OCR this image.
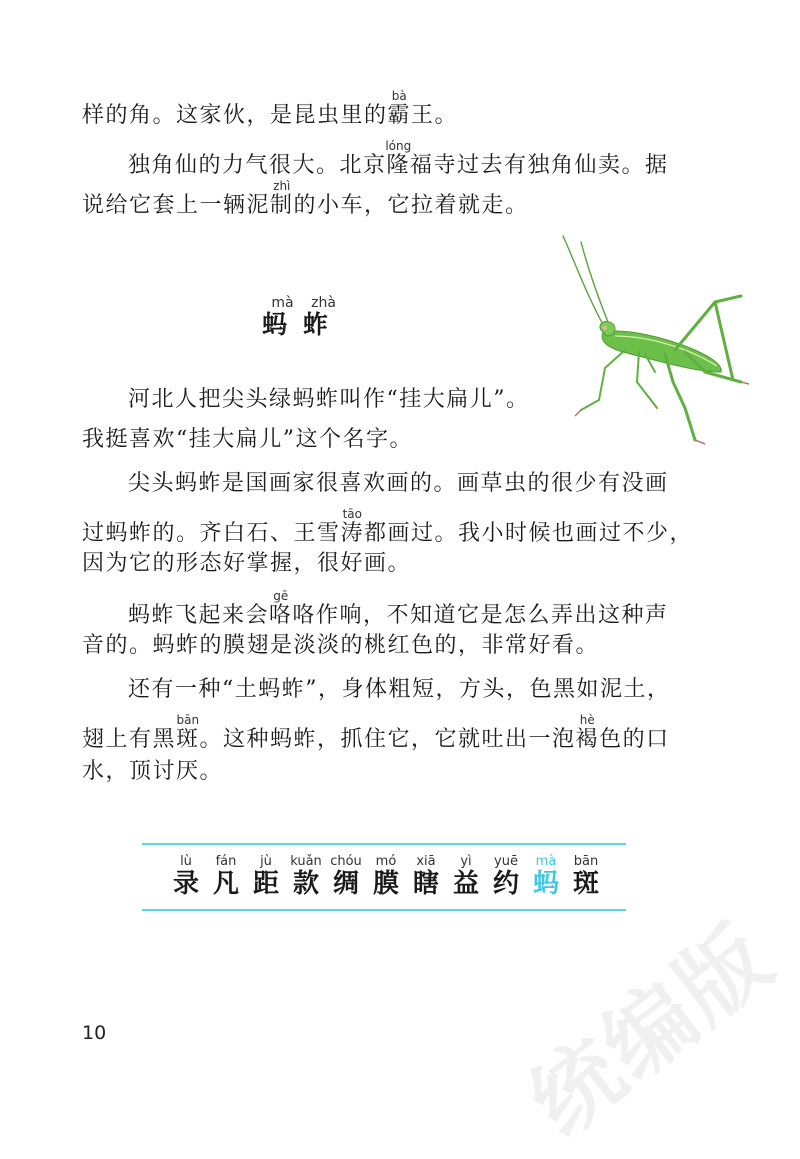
样的角。这家伙，是昆虫里的霸bà王。
独角仙的力气很大。北京隆lóng福寺过去有独角仙卖。据
说给它套上一辆泥制zhì的小车，它拉着就走。
蚂mà蚱zhà
河北人把尖头绿蚂蚱叫作“挂大扁儿”。
我挺喜欢“挂大扁儿”这个名字。
尖头蚂蚱是国画家很喜欢画的。画草虫的很少有没画
过蚂蚱的。齐白石、王雪涛tāo都画过。我小时候也画过不少，
因为它的形态好掌握，很好画。
蚂蚱飞起来会咯gē咯作响，不知道它是怎么弄出这种声
音的。蚂蚱的膜翅是淡淡的桃红色的，非常好看。
还有一种“土蚂蚱”，身体粗短，方头，色黑如泥土，
翅上有黑斑bān。这种蚂蚱，抓住它，它就吐出一泡褐hè色的口
水，顶讨厌。
录lù
凡fán
距jù
款kuǎn
绸chóu
膜mó
瞎xiā
益yì
约yuē
蚂mà
斑bān
10	统编版
